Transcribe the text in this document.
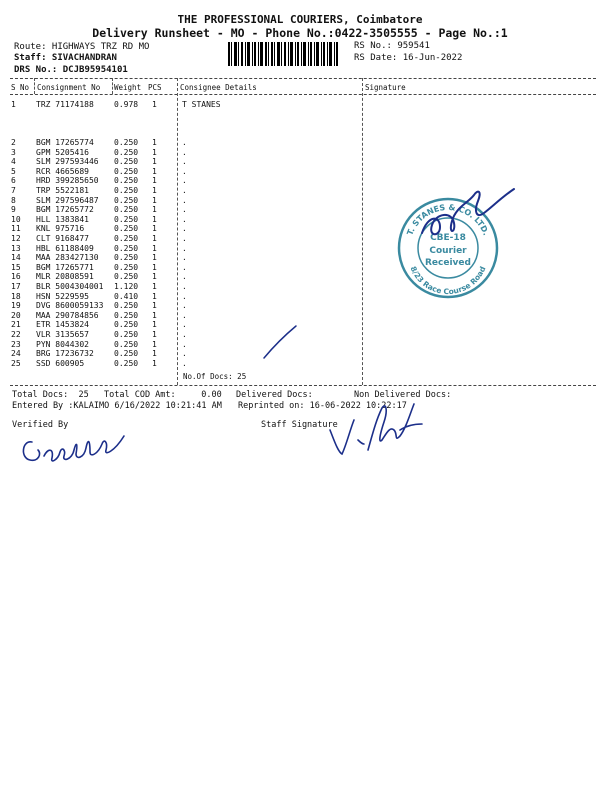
THE PROFESSIONAL COURIERS, Coimbatore
Delivery Runsheet - MO - Phone No.:0422-3505555 - Page No.:1
Route: HIGHWAYS TRZ RD MO
Staff: SIVACHANDRAN
DRS No.: DCJB95954101
RS No.: 959541
RS Date: 16-Jun-2022
S No Consignment No Weight PCS Consignee Details	Signature
1	TRZ 71174188	0.978 1	T STANES
2	BGM 17265774	0.250 1	.
3	GPM 5205416	0.250 1	.
4	SLM 297593446 0.250 1	.
5	RCR 4665689	0.250 1	.
6	HRD 399285650 0.250 1	.
7	TRP 5522181	0.250 1	.
8	SLM 297596487 0.250 1	.
9	BGM 17265772	0.250 1	.
10 HLL 1383841	0.250 1	.
11 KNL 975716	0.250 1	.
12 CLT 9168477	0.250 1	.
13 HBL 61188409	0.250 1	.
14 MAA 283427130 0.250 1	.
15 BGM 17265771	0.250 1	.
16 MLR 20808591	0.250 1	.
17 BLR 5004304001 1.120 1	.
18 HSN 5229595	0.410 1	.
19 DVG 8600059133 0.250 1	.
20 MAA 290784856 0.250 1	.
21 ETR 1453824	0.250 1	.
22 VLR 3135657	0.250 1	.
23 PYN 8044302	0.250 1	.
24 BRG 17236732	0.250 1	.
25 SSD 600905	0.250 1	.
No.Of Docs: 25
T. STANES & CO. LTD.
8/23 Race Course Road
CBE-18
Courier
Received
Total Docs:  25 Total COD Amt:     0.00 Delivered Docs:	Non Delivered Docs:
Entered By :KALAIMO 6/16/2022 10:21:41 AM Reprinted on: 16-06-2022 10:22:17
Verified By	Staff Signature
